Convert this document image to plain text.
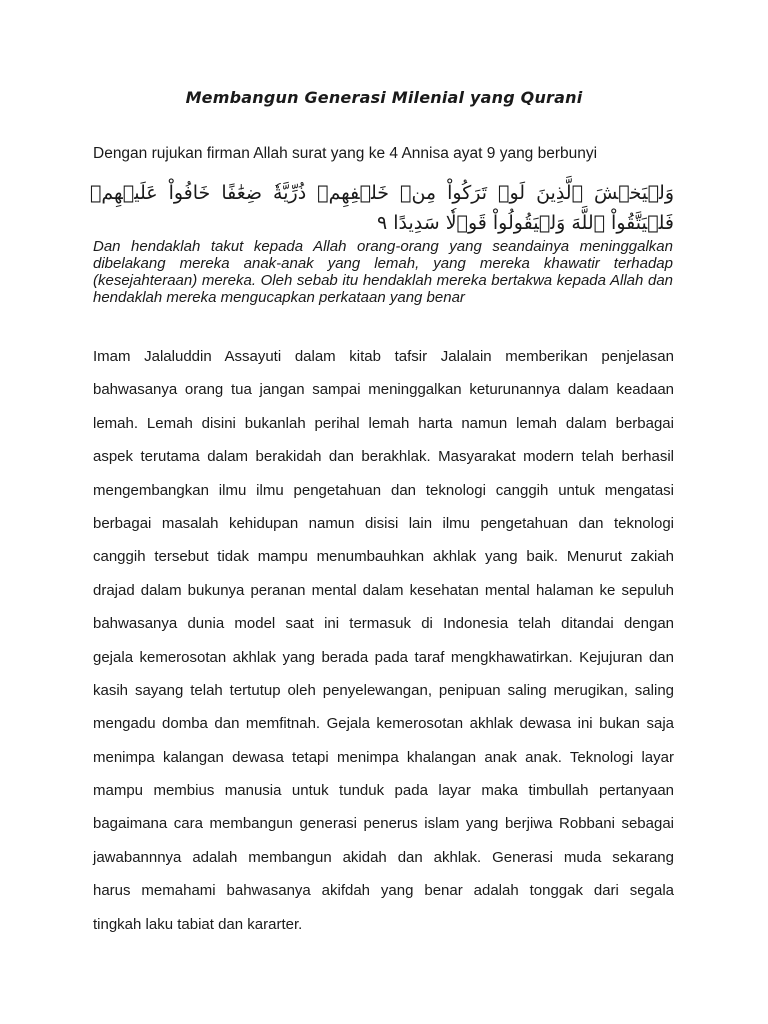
Membangun Generasi Milenial yang Qurani
Dengan rujukan firman Allah surat yang ke 4 Annisa ayat 9 yang berbunyi
وَلۡيَخۡشَ ٱلَّذِينَ لَوۡ تَرَكُواْ مِنۡ خَلۡفِهِمۡ ذُرِّيَّةٗ ضِعَٰفًا خَافُواْ عَلَيۡهِمۡ فَلۡيَتَّقُواْ ٱللَّهَ وَلۡيَقُولُواْ قَوۡلٗا سَدِيدًا ٩
Dan hendaklah takut kepada Allah orang-orang yang seandainya meninggalkan dibelakang mereka anak-anak yang lemah, yang mereka khawatir terhadap (kesejahteraan) mereka. Oleh sebab itu hendaklah mereka bertakwa kepada Allah dan hendaklah mereka mengucapkan perkataan yang benar
Imam Jalaluddin Assayuti dalam kitab tafsir Jalalain memberikan penjelasan
bahwasanya orang tua jangan sampai meninggalkan keturunannya dalam keadaan
lemah. Lemah disini bukanlah perihal lemah harta namun lemah dalam berbagai
aspek terutama dalam berakidah dan berakhlak. Masyarakat modern telah berhasil
mengembangkan ilmu ilmu pengetahuan dan teknologi canggih untuk mengatasi
berbagai masalah kehidupan namun disisi lain ilmu pengetahuan dan teknologi
canggih tersebut tidak mampu menumbauhkan akhlak yang baik. Menurut zakiah
drajad dalam bukunya peranan mental dalam kesehatan mental halaman ke sepuluh
bahwasanya dunia model saat ini termasuk di Indonesia telah ditandai dengan
gejala kemerosotan akhlak yang berada pada taraf mengkhawatirkan. Kejujuran dan
kasih sayang telah tertutup oleh penyelewangan, penipuan saling merugikan, saling
mengadu domba dan memfitnah. Gejala kemerosotan akhlak dewasa ini bukan saja
menimpa kalangan dewasa tetapi menimpa khalangan anak anak. Teknologi layar
mampu membius manusia untuk tunduk pada layar maka timbullah pertanyaan
bagaimana cara membangun generasi penerus islam yang berjiwa Robbani sebagai
jawabannnya adalah membangun akidah dan akhlak. Generasi muda sekarang
harus memahami bahwasanya akifdah yang benar adalah tonggak dari segala
tingkah laku tabiat dan kararter.
